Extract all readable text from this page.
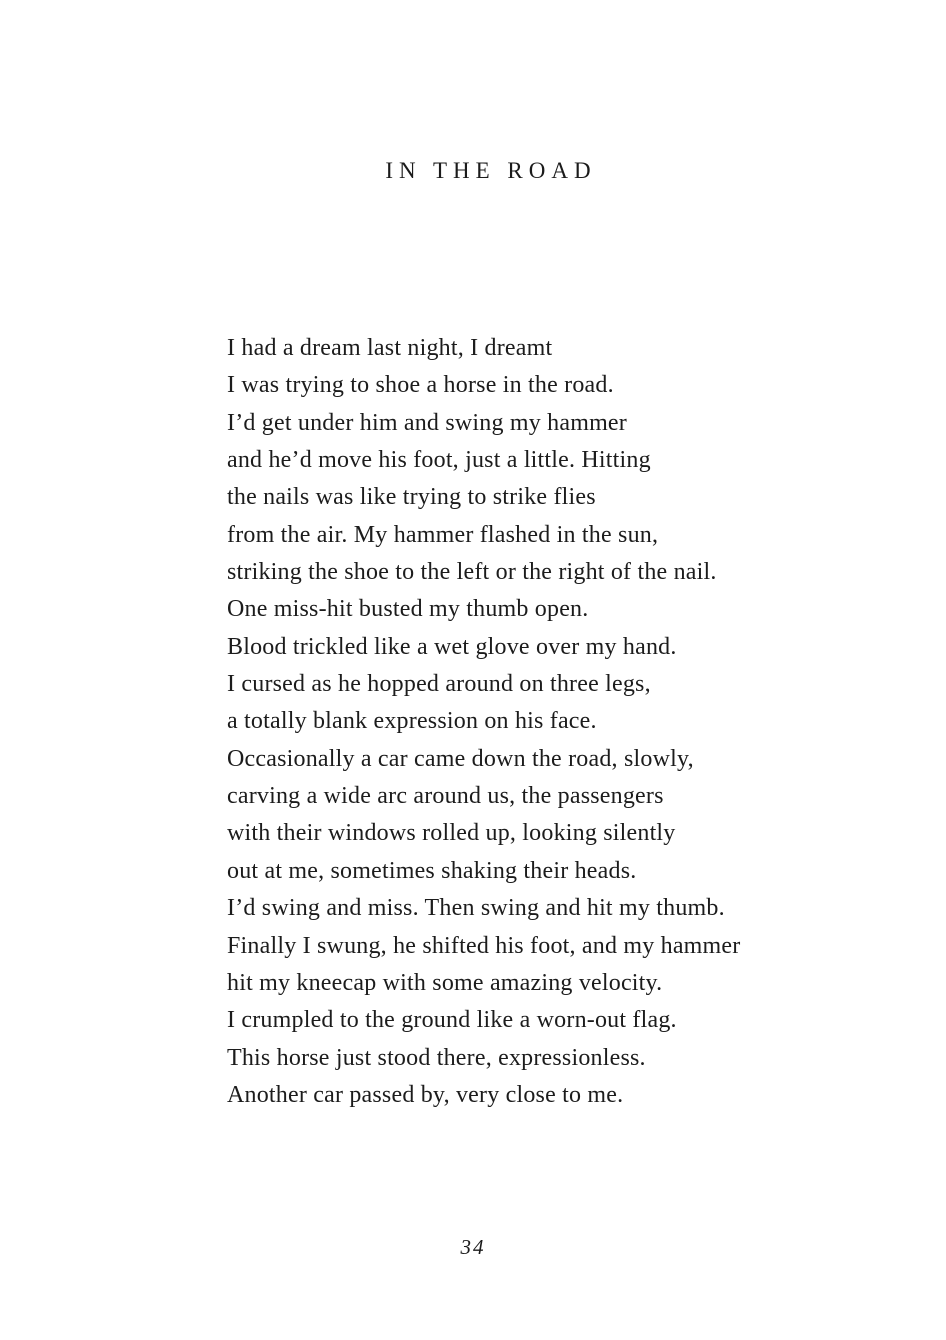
IN THE ROAD
I had a dream last night, I dreamt
I was trying to shoe a horse in the road.
I’d get under him and swing my hammer
and he’d move his foot, just a little. Hitting
the nails was like trying to strike flies
from the air. My hammer flashed in the sun,
striking the shoe to the left or the right of the nail.
One miss-hit busted my thumb open.
Blood trickled like a wet glove over my hand.
I cursed as he hopped around on three legs,
a totally blank expression on his face.
Occasionally a car came down the road, slowly,
carving a wide arc around us, the passengers
with their windows rolled up, looking silently
out at me, sometimes shaking their heads.
I’d swing and miss. Then swing and hit my thumb.
Finally I swung, he shifted his foot, and my hammer
hit my kneecap with some amazing velocity.
I crumpled to the ground like a worn-out flag.
This horse just stood there, expressionless.
Another car passed by, very close to me.
34
